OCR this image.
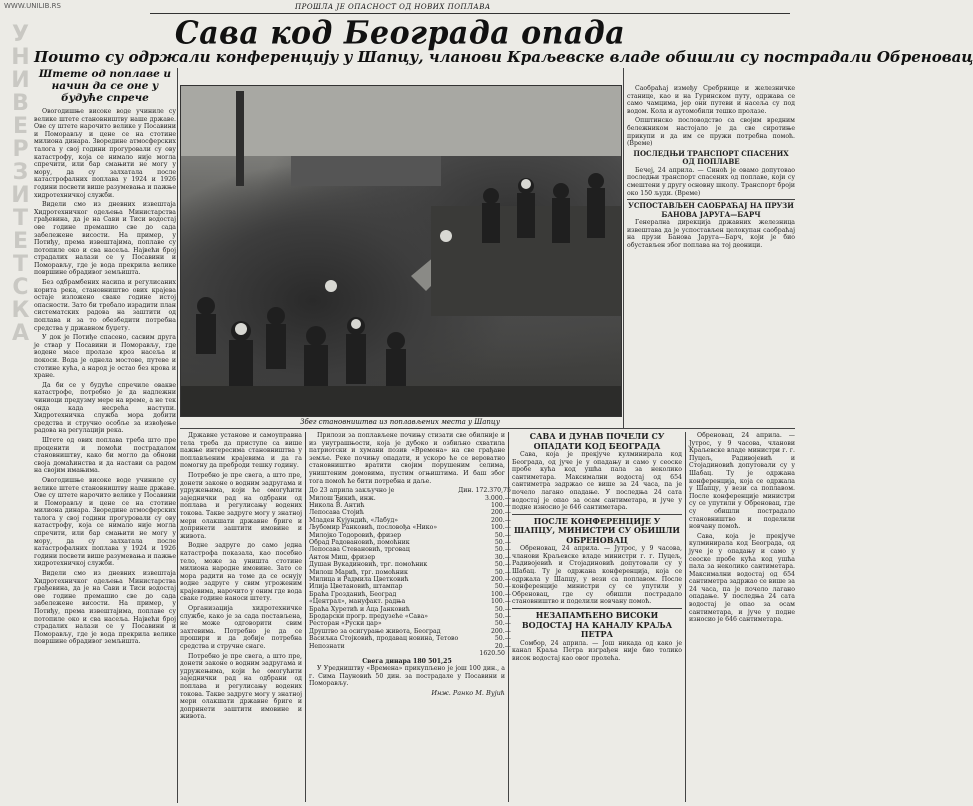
WWW.UNILIB.RS
УНИВЕРЗИТЕТСКА
ПРОШЛА ЈЕ ОПАСНОСТ ОД НОВИХ ПОПЛАВА
Сава код Београда опада
Пошто су одржали конференцију у Шапцу, чланови Краљевске владе обишли су пострадали Обреновац
Штете од поплаве и начин да се оне у будуће спрече

Овогодишње високе воде учиниле су велике штете становништву наше државе. Ове су штете нарочито велике у Посавини и Поморављу и цене се на стотине милиона динара. Зворедине атмосферских талога у свој години прогуровали су ову катастрофу, која се нимало није могла спречити, или бар смањити не могу у мору, да су залхатала после катастрофалних поплава у 1924 и 1926 години посвети више разумевања и пажње хидротехничкој служби.

Видели смо из дневних извештаја Хидротехничког одељења Министарства грађевина, да је на Сави и Тиси водостај ове године премашио све до сада забележене висости. На пример, у Потиђу, према извештајима, поплаве су потопиле око и сва насеља. Највећи број страдалих налази се у Посавини и Поморављу, где је вода прекрила велике површине обрадивог земљишта.

Без одбрамбених насипа и регулисаних корита река, становништво ових крајева остаје изложено сваке године истој опасности. Зато би требало израдити план систематских радова на заштити од поплава и за то обезбедити потребна средства у државном буџету.

У док је Потиђе спасено, сасвим друга је ствар у Посавини и Поморављу, где водене масе пролазе кроз насеља и покоси. Вода је однела мостове, путеве и стотине кућа, а народ је остао без крова и хране.

Да би се у будуће спречиле овакве катастрофе, потребно је да надлежни чиниоци предузму мере на време, а не тек онда када несрећа наступи. Хидротехничка служба мора добити средства и стручно особље за извођење радова на регулацији река.

Штете од ових поплава треба што пре проценити и помоћи пострадалом становништву, како би могло да обнови своја домаћинства и да настави са радом на својим имањима.

Овогодишње високе воде учиниле су велике штете становништву наше државе. Ове су штете нарочито велике у Посавини и Поморављу и цене се на стотине милиона динара. Зворедине атмосферских талога у свој години прогуровали су ову катастрофу, која се нимало није могла спречити, или бар смањити не могу у мору, да су залхатала после катастрофалних поплава у 1924 и 1926 години посвети више разумевања и пажње хидротехничкој служби.

Видели смо из дневних извештаја Хидротехничког одељења Министарства грађевина, да је на Сави и Тиси водостај ове године премашио све до сада забележене висости. На пример, у Потиђу, према извештајима, поплаве су потопиле око и сва насеља. Највећи број страдалих налази се у Посавини и Поморављу, где је вода прекрила велике површине обрадивог земљишта.

Збег становништва из поплављених места у Шапцу

Саобраћај између Сребрнице и железничке станице, као и на Гуринском путу, одржава се само чамцима, јер они путеви и насеља су под водом. Кола и аутомобили тешко пролазе.

Општинско пословодство са својим вредним бележником настојало је да све сиротиње прикупи и да им се пружи потребна помоћ. (Време)

ПОСЛЕДЊИ ТРАНСПОРТ СПАСЕНИХ ОД ПОПЛАВЕ

Бечеј, 24 априла. — Синоћ је овамо допутовао последњи транспорт спасених од поплаве, који су смештени у другу основну школу. Транспорт броји око 150 људи. (Време)

УСПОСТАВЉЕН САОБРАЋАЈ НА ПРУЗИ БАНОВА ЈАРУГА—БАРЧ

Генерална дирекција државних железница извештава да је успостављен целокупан саобраћај на прузи Банова Јаруга—Барч, који је био обустављен због поплава на тој деоници.

Државне установе и самоуправна тела треба да приступе са више пажње интересима становништва у поплављеним крајевима и да га помогну да преброди тешку годину.

Потребно је пре свега, а што пре, донети законе о водним задругама и удружењима, који ће омогућити заједнички рад на одбрани од поплава и регулисању водених токова. Такве задруге могу у знатној мери олакшати државне бриге и допринети заштити имовине и живота.

Водне задруге до само једна катастрофа показала, као посебно тело, може за уништа стотине милиона народне имовине. Зато се мора радити на томе да се оснују водне задруге у свим угроженим крајевима, нарочито у оним где вода сваке године наноси штету.

Организација хидротехничке службе, како је за сада постављена, не може одговорити свим захтевима. Потребно је да се прошири и да добије потребна средства и стручне снаге.

Потребно је пре свега, а што пре, донети законе о водним задругама и удружењима, који ће омогућити заједнички рад на одбрани од поплава и регулисању водених токова. Такве задруге могу у знатној мери олакшати државне бриге и допринети заштити имовине и живота.

Прилози за поплављене почињу стизати све обилније и из унутрашњости, која је дубоко и озбиљно схватила патриотски и хумани позив «Времена» на све грађане земље. Реке почињу опадати, и ускоро ће се вероватно становништво вратити својим порушеним селима, уништеним домовима, пустим огњиштима. И баш због тога помоћ ће бити потребна и даље.

До 23 априла закључно је	Дин. 172.370,75
Милош Ђикић, инж.	3.000.—
Никола В. Антић	100.—
Лепосава Стојић	200.—
Младен Кујундић, «Лабуд»	200.—
Љубомир Ранковић, пословођа «Нико»	100.—
Милојко Тодоровић, фризер	50.—
Обрад Радовановић, помоћник	50.—
Лепосава Стевановић, трговац	50.—
Антон Миш, фризер	30.—
Душан Вукадиновић, трг. помоћник	50.—
Милош Марић, трг. помоћник	50.—
Милица и Радмила Цветковић	200.—
Илија Цветановић, штампар	50.—
Браћа Грозданић, Београд	100.—
«Централ», мануфакт. радња	100.—
Браћа Хуретић и Аца Јанковић	50.—
Бродарски прогр. предузеће «Сава»	50.—
Ресторан «Руски цар»	50.—
Друштво за осигурање живота, Београд	200.—
Васиљка Стојковић, продавац новина, Тетово	50.—
Непознати	20.—
1620.50
Свега динара 180 501,25

У Уредништву «Времена» прикупљено је још 100 дин., а г. Сима Пауновић 50 дин. за пострадале у Посавини и Поморављу.

Инж. Ранко М. Вујић
САВА И ДУНАВ ПОЧЕЛИ СУ ОПАДАТИ КОД БЕОГРАДА

Сава, која је прекјуче кулминирала код Београда, од јуче је у опадању и само у сеоске пробе кућа код ушћа пала за неколико сантиметара. Максимални водостај од 654 сантиметра задржао се више за 24 часа, па је почело лагано опадање. У последња 24 сата водостај је опао за осам сантиметара, и јуче у подне износио је 646 сантиметара.

ПОСЛЕ КОНФЕРЕНЦИЈЕ У ШАПЦУ, МИНИСТРИ СУ ОБИШЛИ ОБРЕНОВАЦ

Обреновац, 24 априла. — Јутрос, у 9 часова, чланови Краљевске владе министри г. г. Пуцељ, Радивојевић и Стојадиновић допутовали су у Шабац. Ту је одржана конференција, која се одржала у Шапцу, у вези са поплавом. После конференције министри су се упутили у Обреновац, где су обишли пострадало становништво и поделили новчану помоћ.

НЕЗАПАМЋЕНО ВИСОКИ ВОДОСТАЈ НА КАНАЛУ КРАЉА ПЕТРА

Сомбор, 24 априла. — Још никада од како је канал Краља Петра изграђен није био толико висок водостај као овог пролећа.

Обреновац, 24 априла. — Јутрос, у 9 часова, чланови Краљевске владе министри г. г. Пуцељ, Радивојевић и Стојадиновић допутовали су у Шабац. Ту је одржана конференција, која се одржала у Шапцу, у вези са поплавом. После конференције министри су се упутили у Обреновац, где су обишли пострадало становништво и поделили новчану помоћ.

Сава, која је прекјуче кулминирала код Београда, од јуче је у опадању и само у сеоске пробе кућа код ушћа пала за неколико сантиметара. Максимални водостај од 654 сантиметра задржао се више за 24 часа, па је почело лагано опадање. У последња 24 сата водостај је опао за осам сантиметара, и јуче у подне износио је 646 сантиметара.
